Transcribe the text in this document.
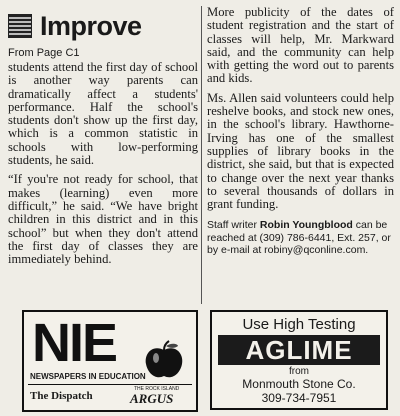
Improve
From Page C1

students attend the first day of school is another way parents can dramatically affect a students' performance. Half the school's students don't show up the first day, which is a common statistic in schools with low-performing students, he said.

“If you're not ready for school, that makes (learning) even more difficult,” he said. “We have bright children in this district and in this school” but when they don't attend the first day of classes they are immediately behind.

More publicity of the dates of student registration and the start of classes will help, Mr. Markward said, and the community can help with getting the word out to parents and kids.

Ms. Allen said volunteers could help reshelve books, and stock new ones, in the school's library. Hawthorne-Irving has one of the smallest supplies of library books in the district, she said, but that is expected to change over the next year thanks to several thousands of dollars in grant funding.

Staff writer Robin Youngblood can be reached at (309) 786-6441, Ext. 257, or by e-mail at robiny@qconline.com.
NIE
NEWSPAPERS IN EDUCATION
The Dispatch
THE ROCK ISLAND
ARGUS
Use High Testing
AGLIME
from
Monmouth Stone Co.
309-734-7951
